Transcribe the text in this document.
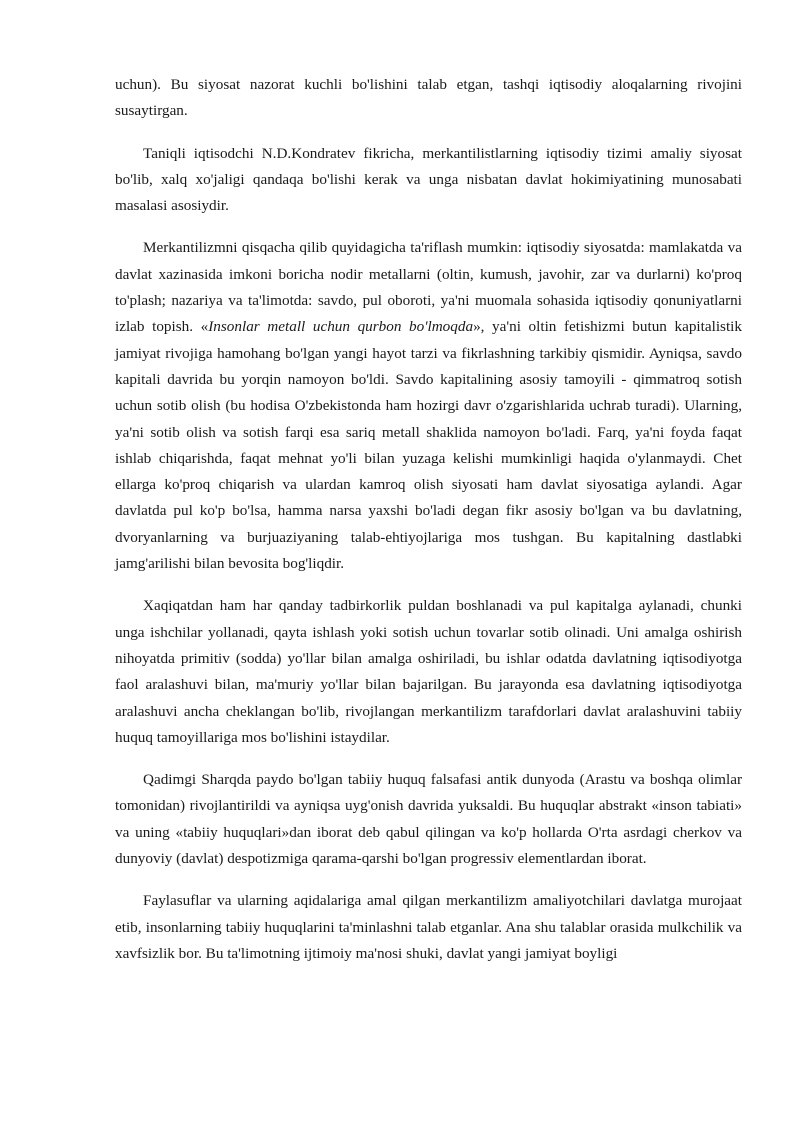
uchun). Bu siyosat nazorat kuchli bo'lishini talab etgan, tashqi iqtisodiy aloqalarning rivojini susaytirgan.

Taniqli iqtisodchi N.D.Kondratev fikricha, merkantilistlarning iqtisodiy tizimi amaliy siyosat bo'lib, xalq xo'jaligi qandaqa bo'lishi kerak va unga nisbatan davlat hokimiyatining munosabati masalasi asosiydir.

Merkantilizmni qisqacha qilib quyidagicha ta'riflash mumkin: iqtisodiy siyosatda: mamlakatda va davlat xazinasida imkoni boricha nodir metallarni (oltin, kumush, javohir, zar va durlarni) ko'proq to'plash; nazariya va ta'limotda: savdo, pul oboroti, ya'ni muomala sohasida iqtisodiy qonuniyatlarni izlab topish. «Insonlar metall uchun qurbon bo'lmoqda», ya'ni oltin fetishizmi butun kapitalistik jamiyat rivojiga hamohang bo'lgan yangi hayot tarzi va fikrlashning tarkibiy qismidir. Ayniqsa, savdo kapitali davrida bu yorqin namoyon bo'ldi. Savdo kapitalining asosiy tamoyili - qimmatroq sotish uchun sotib olish (bu hodisa O'zbekistonda ham hozirgi davr o'zgarishlarida uchrab turadi). Ularning, ya'ni sotib olish va sotish farqi esa sariq metall shaklida namoyon bo'ladi. Farq, ya'ni foyda faqat ishlab chiqarishda, faqat mehnat yo'li bilan yuzaga kelishi mumkinligi haqida o'ylanmaydi. Chet ellarga ko'proq chiqarish va ulardan kamroq olish siyosati ham davlat siyosatiga aylandi. Agar davlatda pul ko'p bo'lsa, hamma narsa yaxshi bo'ladi degan fikr asosiy bo'lgan va bu davlatning, dvoryanlarning va burjuaziyaning talab-ehtiyojlariga mos tushgan. Bu kapitalning dastlabki jamg'arilishi bilan bevosita bog'liqdir.

Xaqiqatdan ham har qanday tadbirkorlik puldan boshlanadi va pul kapitalga aylanadi, chunki unga ishchilar yollanadi, qayta ishlash yoki sotish uchun tovarlar sotib olinadi. Uni amalga oshirish nihoyatda primitiv (sodda) yo'llar bilan amalga oshiriladi, bu ishlar odatda davlatning iqtisodiyotga faol aralashuvi bilan, ma'muriy yo'llar bilan bajarilgan. Bu jarayonda esa davlatning iqtisodiyotga aralashuvi ancha cheklangan bo'lib, rivojlangan merkantilizm tarafdorlari davlat aralashuvini tabiiy huquq tamoyillariga mos bo'lishini istaydilar.

Qadimgi Sharqda paydo bo'lgan tabiiy huquq falsafasi antik dunyoda (Arastu va boshqa olimlar tomonidan) rivojlantirildi va ayniqsa uyg'onish davrida yuksaldi. Bu huquqlar abstrakt «inson tabiati» va uning «tabiiy huquqlari»dan iborat deb qabul qilingan va ko'p hollarda O'rta asrdagi cherkov va dunyoviy (davlat) despotizmiga qarama-qarshi bo'lgan progressiv elementlardan iborat.

Faylasuflar va ularning aqidalariga amal qilgan merkantilizm amaliyotchilari davlatga murojaat etib, insonlarning tabiiy huquqlarini ta'minlashni talab etganlar. Ana shu talablar orasida mulkchilik va xavfsizlik bor. Bu ta'limotning ijtimoiy ma'nosi shuki, davlat yangi jamiyat boyligi
